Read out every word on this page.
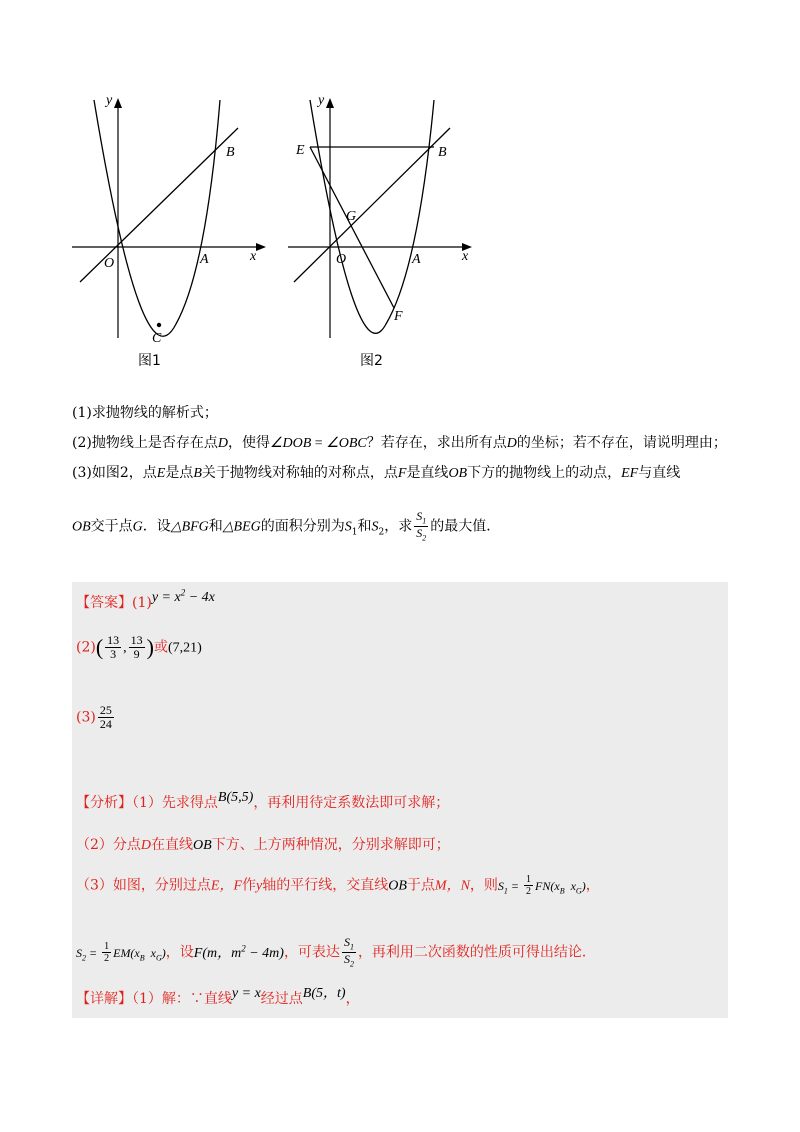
y
x
O	A
B
C
图1
y
x
O	A
B
E
G
F
图2
(1)求抛物线的解析式；
(2)抛物线上是否存在点D，使得∠DOB = ∠OBC？若存在，求出所有点D的坐标；若不存在，请说明理由；
(3)如图2，点E是点B关于抛物线对称轴的对称点，点F是直线OB下方的抛物线上的动点，EF与直线
OB交于点G．设△BFG和△BEG的面积分别为$S_1$和$S_2$，求 $\frac{S_1}{S_2}$ 的最大值．
【答案】$(1)y = x^2 - 4x$
$(2)( \frac{13}{3}$ , $\frac{13}{9}$ )或(7,21)
$(3) \frac{25}{24}$
【分析】（1）先求得点B(5,5)，再利用待定系数法即可求解；
（2）分点D在直线OB下方、上方两种情况，分别求解即可；
（3）如图，分别过点E，F作y轴的平行线，交直线OB于点M，N，则$S_1 = \frac{1}{2} FN(x_B$ $x_G$)，
$S_2 = \frac{1}{2} EM(x_B$ $x_G$)，设F(m，$m^2 - 4m$)，可表达 $\frac{S_1}{S_2}$ ，再利用二次函数的性质可得出结论．
【详解】（1）解：∵直线y = x经过点B(5，t)，
